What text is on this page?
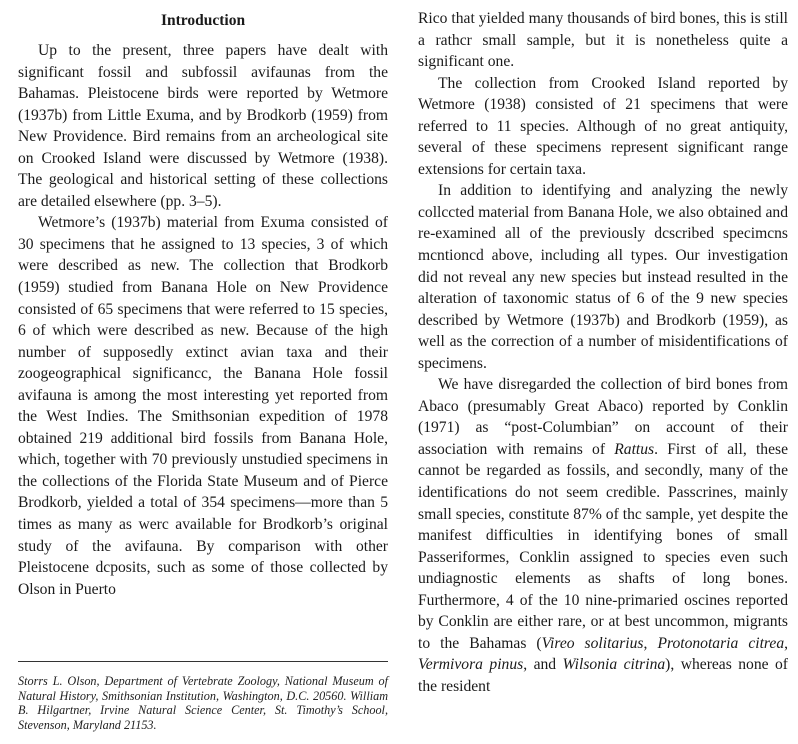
Introduction

Up to the present, three papers have dealt with significant fossil and subfossil avifaunas from the Bahamas. Pleistocene birds were reported by Wetmore (1937b) from Little Exuma, and by Brodkorb (1959) from New Providence. Bird remains from an archeological site on Crooked Island were discussed by Wetmore (1938). The geological and historical setting of these collections are detailed elsewhere (pp. 3–5).

Wetmore’s (1937b) material from Exuma consisted of 30 specimens that he assigned to 13 species, 3 of which were described as new. The collection that Brodkorb (1959) studied from Banana Hole on New Providence consisted of 65 specimens that were referred to 15 species, 6 of which were described as new. Because of the high number of supposedly extinct avian taxa and their zoogeographical significancc, the Banana Hole fossil avifauna is among the most interesting yet reported from the West Indies. The Smithsonian expedition of 1978 obtained 219 additional bird fossils from Banana Hole, which, together with 70 previously unstudied specimens in the collections of the Florida State Museum and of Pierce Brodkorb, yielded a total of 354 specimens—more than 5 times as many as werc available for Brodkorb’s original study of the avifauna. By comparison with other Pleistocene dcposits, such as some of those collected by Olson in Puerto

Storrs L. Olson, Department of Vertebrate Zoology, National Museum of Natural History, Smithsonian Institution, Washington, D.C. 20560. William B. Hilgartner, Irvine Natural Science Center, St. Timothy’s School, Stevenson, Maryland 21153.

Rico that yielded many thousands of bird bones, this is still a rathcr small sample, but it is nonetheless quite a significant one.

The collection from Crooked Island reported by Wetmore (1938) consisted of 21 specimens that were referred to 11 species. Although of no great antiquity, several of these specimens represent significant range extensions for certain taxa.

In addition to identifying and analyzing the newly collccted material from Banana Hole, we also obtained and re-examined all of the previously dcscribed specimcns mcntioncd above, including all types. Our investigation did not reveal any new species but instead resulted in the alteration of taxonomic status of 6 of the 9 new species described by Wetmore (1937b) and Brodkorb (1959), as well as the correction of a number of misidentifications of specimens.

We have disregarded the collection of bird bones from Abaco (presumably Great Abaco) reported by Conklin (1971) as “post-Columbian” on account of their association with remains of Rattus. First of all, these cannot be regarded as fossils, and secondly, many of the identifications do not seem credible. Passcrines, mainly small species, constitute 87% of thc sample, yet despite the manifest difficulties in identifying bones of small Passeriformes, Conklin assigned to species even such undiagnostic elements as shafts of long bones. Furthermore, 4 of the 10 nine-primaried oscines reported by Conklin are either rare, or at best uncommon, migrants to the Bahamas (Vireo solitarius, Protonotaria citrea, Vermivora pinus, and Wilsonia citrina), whereas none of the resident
